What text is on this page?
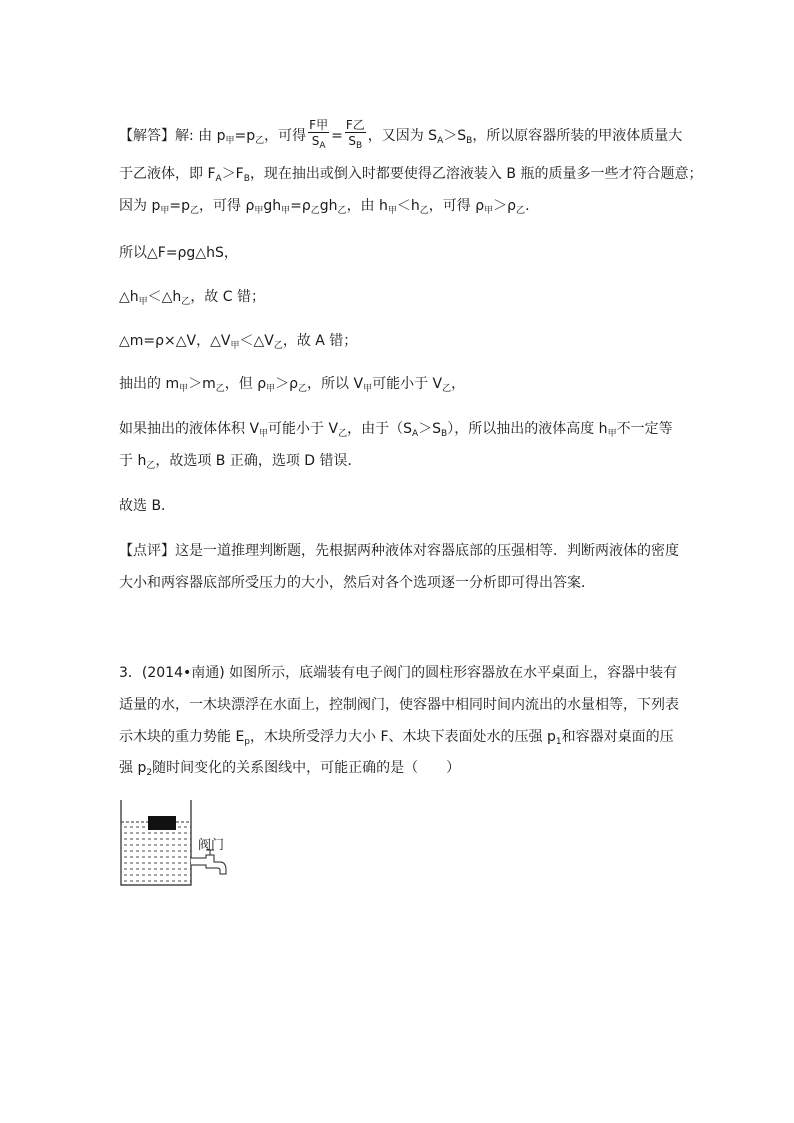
【解答】解: 由 $p_甲=p_乙$，可得 $\frac{\text{F甲}}{S_A} = \frac{\text{F乙}}{S_B}$ ，又因为 $S_A>S_B$，所以原容器所装的甲液体质量大
于乙液体，即 $F_A>F_B$，现在抽出或倒入时都要使得乙溶液装入 B 瓶的质量多一些才符合题意；
因为 $p_甲=p_乙$，可得 $\rho_甲gh_甲=\rho_乙gh_乙$，由 $h_甲<h_乙$，可得 $\rho_甲>\rho_乙$.
所以△F=ρg△hS，
$\triangle h_甲<\triangle h_乙$，故 C 错；
△m=ρ×△V，$\triangle V_甲<\triangle V_乙$，故 A 错；
抽出的 $m_甲>m_乙$，但 $\rho_甲>\rho_乙$，所以 $V_甲$可能小于 $V_乙$，
如果抽出的液体体积 $V_甲$可能小于 $V_乙$，由于$(S_A>S_B)$，所以抽出的液体高度 $h_甲$不一定等
于 $h_乙$，故选项 B 正确，选项 D 错误．
故选 B．
【点评】这是一道推理判断题，先根据两种液体对容器底部的压强相等．判断两液体的密度
大小和两容器底部所受压力的大小，然后对各个选项逐一分析即可得出答案．
3．(2014•南通) 如图所示，底端装有电子阀门的圆柱形容器放在水平桌面上，容器中装有
适量的水，一木块漂浮在水面上，控制阀门，使容器中相同时间内流出的水量相等，下列表
示木块的重力势能 $E_p$，木块所受浮力大小 F、木块下表面处水的压强 $p_1$和容器对桌面的压
强 $p_2$随时间变化的关系图线中，可能正确的是（　　）
阀门
